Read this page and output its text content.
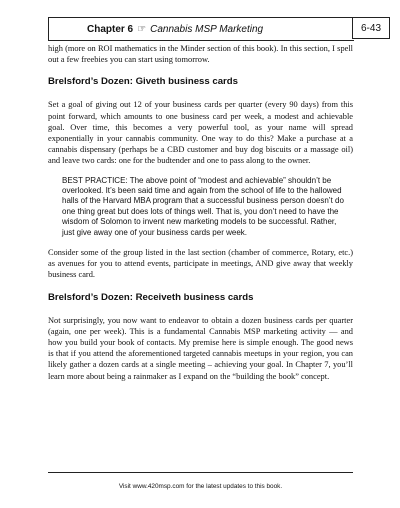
Chapter 6 ☞ Cannabis MSP Marketing	6-43

high (more on ROI mathematics in the Minder section of this book). In this section, I spell out a few freebies you can start using tomorrow.

Brelsford’s Dozen: Giveth business cards

Set a goal of giving out 12 of your business cards per quarter (every 90 days) from this point forward, which amounts to one business card per week, a modest and achievable goal. Over time, this becomes a very powerful tool, as your name will spread exponentially in your cannabis community. One way to do this? Make a purchase at a cannabis dispensary (perhaps be a CBD customer and buy dog biscuits or a massage oil) and leave two cards: one for the budtender and one to pass along to the owner.

BEST PRACTICE: The above point of “modest and achievable” shouldn’t be overlooked. It’s been said time and again from the school of life to the hallowed halls of the Harvard MBA program that a successful business person doesn’t do one thing great but does lots of things well. That is, you don’t need to have the wisdom of Solomon to invent new marketing models to be successful. Rather, just give away one of your business cards per week.

Consider some of the group listed in the last section (chamber of commerce, Rotary, etc.) as avenues for you to attend events, participate in meetings, AND give away that weekly business card.

Brelsford’s Dozen: Receiveth business cards

Not surprisingly, you now want to endeavor to obtain a dozen business cards per quarter (again, one per week). This is a fundamental Cannabis MSP marketing activity — and how you build your book of contacts. My premise here is simple enough. The good news is that if you attend the aforementioned targeted cannabis meetups in your region, you can likely gather a dozen cards at a single meeting – achieving your goal. In Chapter 7, you’ll learn more about being a rainmaker as I expand on the “building the book” concept.

Visit www.420msp.com for the latest updates to this book.
